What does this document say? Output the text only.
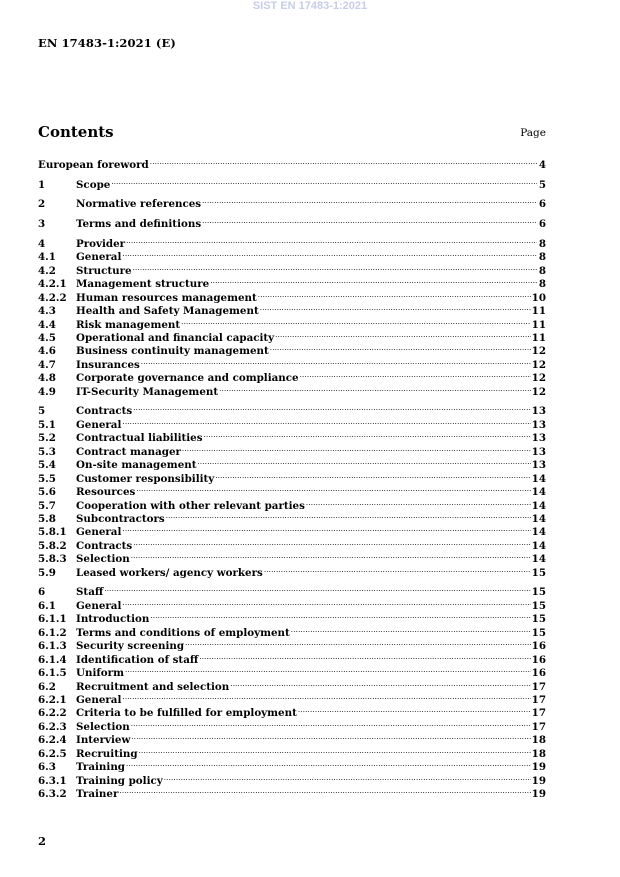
SIST EN 17483-1:2021
EN 17483-1:2021 (E)
Contents	Page
European foreword .....	4
1	Scope .....	5
2	Normative references .....	6
3	Terms and definitions .....	6
4	Provider .....	8
4.1	General .....	8
4.2	Structure .....	8
4.2.1 Management structure .....	8
4.2.2 Human resources management .....	10
4.3	Health and Safety Management .....	11
4.4	Risk management .....	11
4.5	Operational and financial capacity .....	11
4.6	Business continuity management .....	12
4.7	Insurances .....	12
4.8	Corporate governance and compliance .....	12
4.9	IT-Security Management .....	12
5	Contracts .....	13
5.1	General .....	13
5.2	Contractual liabilities .....	13
5.3	Contract manager .....	13
5.4	On-site management .....	13
5.5	Customer responsibility .....	14
5.6	Resources .....	14
5.7	Cooperation with other relevant parties .....	14
5.8	Subcontractors .....	14
5.8.1 General .....	14
5.8.2 Contracts .....	14
5.8.3 Selection .....	14
5.9	Leased workers/ agency workers .....	15
6	Staff .....	15
6.1	General .....	15
6.1.1 Introduction .....	15
6.1.2 Terms and conditions of employment .....	15
6.1.3 Security screening .....	16
6.1.4 Identification of staff .....	16
6.1.5 Uniform .....	16
6.2	Recruitment and selection .....	17
6.2.1 General .....	17
6.2.2 Criteria to be fulfilled for employment .....	17
6.2.3 Selection .....	17
6.2.4 Interview .....	18
6.2.5 Recruiting .....	18
6.3	Training .....	19
6.3.1 Training policy .....	19
6.3.2 Trainer .....	19
2
